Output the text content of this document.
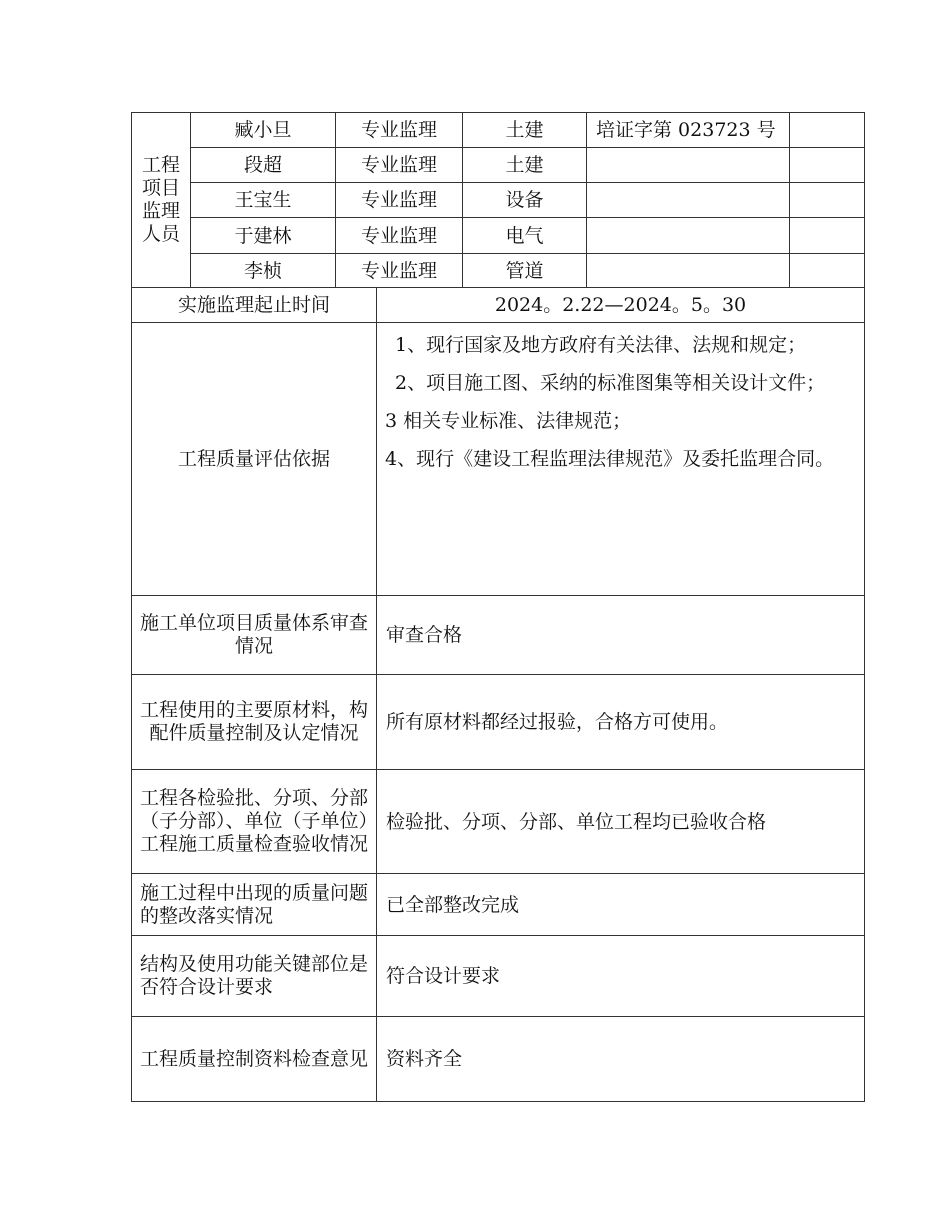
工程项目监理人员	臧小旦	专业监理		土建	培证字第 023723 号	
	段超	专业监理		土建		
	王宝生	专业监理		设备		
	于建林	专业监理		电气		
	李桢	专业监理		管道		
实施监理起止时间			2024。2.22—2024。5。30			
工程质量评估依据			1、现行国家及地方政府有关法律、法规和规定；

2、项目施工图、采纳的标准图集等相关设计文件；

3 相关专业标准、法律规范；

4、现行《建设工程监理法律规范》及委托监理合同。			

施工单位项目质量体系审查情况			审查合格			
工程使用的主要原材料，构配件质量控制及认定情况			所有原材料都经过报验，合格方可使用。			
工程各检验批、分项、分部（子分部）、单位（子单位）工程施工质量检查验收情况			检验批、分项、分部、单位工程均已验收合格			
施工过程中出现的质量问题的整改落实情况			已全部整改完成			
结构及使用功能关键部位是否符合设计要求			符合设计要求			
工程质量控制资料检查意见			资料齐全			
